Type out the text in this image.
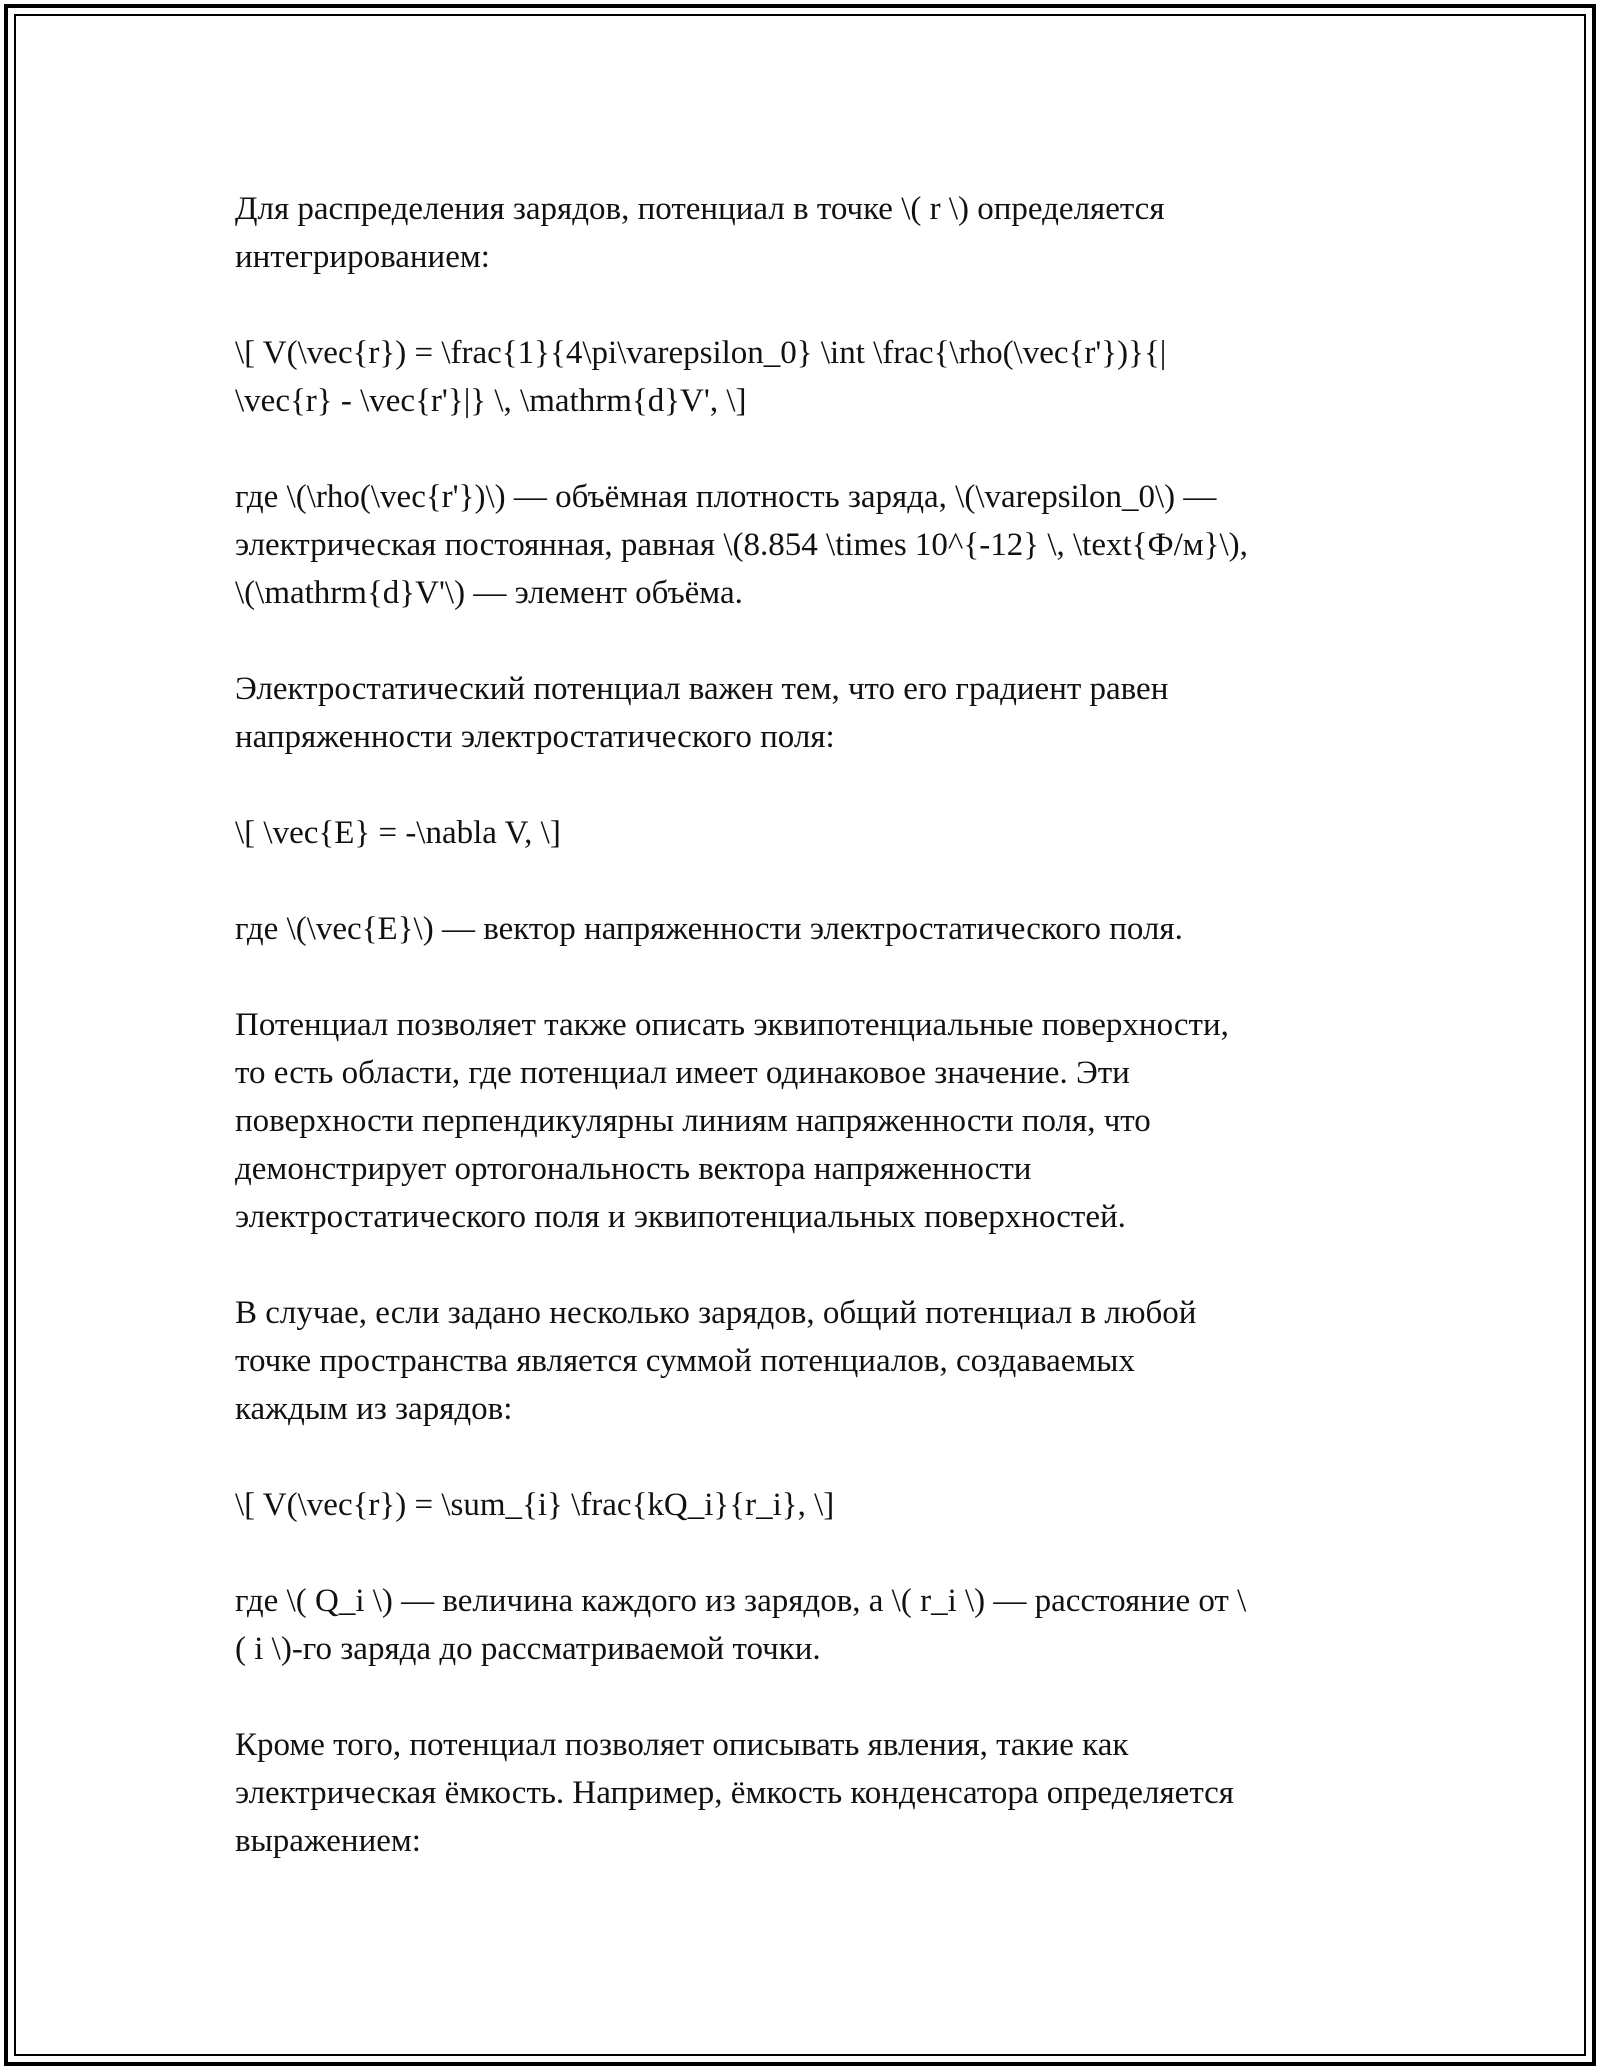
Для распределения зарядов, потенциал в точке \( r \) определяется
интегрированием:

\[ V(\vec{r}) = \frac{1}{4\pi\varepsilon_0} \int \frac{\rho(\vec{r'})}{|
\vec{r} - \vec{r'}|} \, \mathrm{d}V', \]

где \(\rho(\vec{r'})\) — объёмная плотность заряда, \(\varepsilon_0\) —
электрическая постоянная, равная \(8.854 \times 10^{-12} \, \text{Ф/м}\),
\(\mathrm{d}V'\) — элемент объёма.

Электростатический потенциал важен тем, что его градиент равен
напряженности электростатического поля:

\[ \vec{E} = -\nabla V, \]

где \(\vec{E}\) — вектор напряженности электростатического поля.

Потенциал позволяет также описать эквипотенциальные поверхности,
то есть области, где потенциал имеет одинаковое значение. Эти
поверхности перпендикулярны линиям напряженности поля, что
демонстрирует ортогональность вектора напряженности
электростатического поля и эквипотенциальных поверхностей.

В случае, если задано несколько зарядов, общий потенциал в любой
точке пространства является суммой потенциалов, создаваемых
каждым из зарядов:

\[ V(\vec{r}) = \sum_{i} \frac{kQ_i}{r_i}, \]

где \( Q_i \) — величина каждого из зарядов, а \( r_i \) — расстояние от \
( i \)-го заряда до рассматриваемой точки.

Кроме того, потенциал позволяет описывать явления, такие как
электрическая ёмкость. Например, ёмкость конденсатора определяется
выражением:
